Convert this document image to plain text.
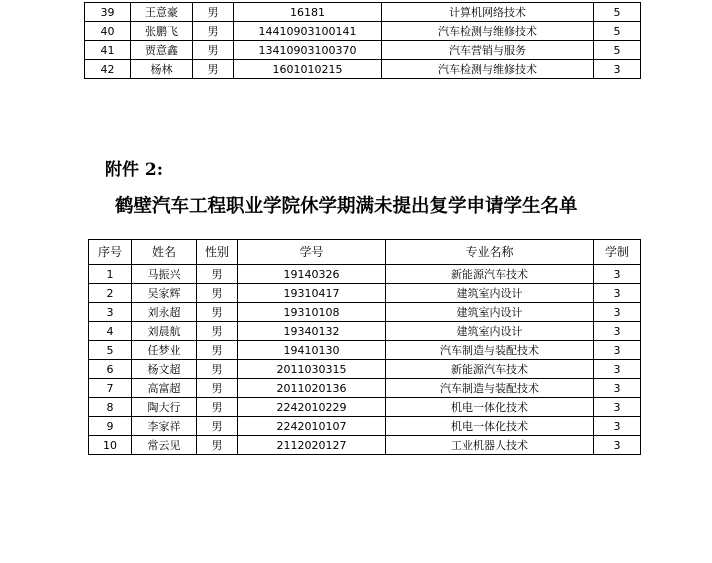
39	王意豪	男	16181	计算机网络技术	5
40	张鹏飞	男	14410903100141	汽车检测与维修技术	5
41	贾意鑫	男	13410903100370	汽车营销与服务	5
42	杨林	男	1601010215	汽车检测与维修技术	3
附件 2:
鹤壁汽车工程职业学院休学期满未提出复学申请学生名单
序号	姓名	性别	学号	专业名称	学制
1	马振兴	男	19140326	新能源汽车技术	3
2	吴家辉	男	19310417	建筑室内设计	3
3	刘永超	男	19310108	建筑室内设计	3
4	刘晨航	男	19340132	建筑室内设计	3
5	任梦业	男	19410130	汽车制造与装配技术	3
6	杨文超	男	2011030315	新能源汽车技术	3
7	高富超	男	2011020136	汽车制造与装配技术	3
8	陶大行	男	2242010229	机电一体化技术	3
9	李家祥	男	2242010107	机电一体化技术	3
10	常云见	男	2112020127	工业机器人技术	3
